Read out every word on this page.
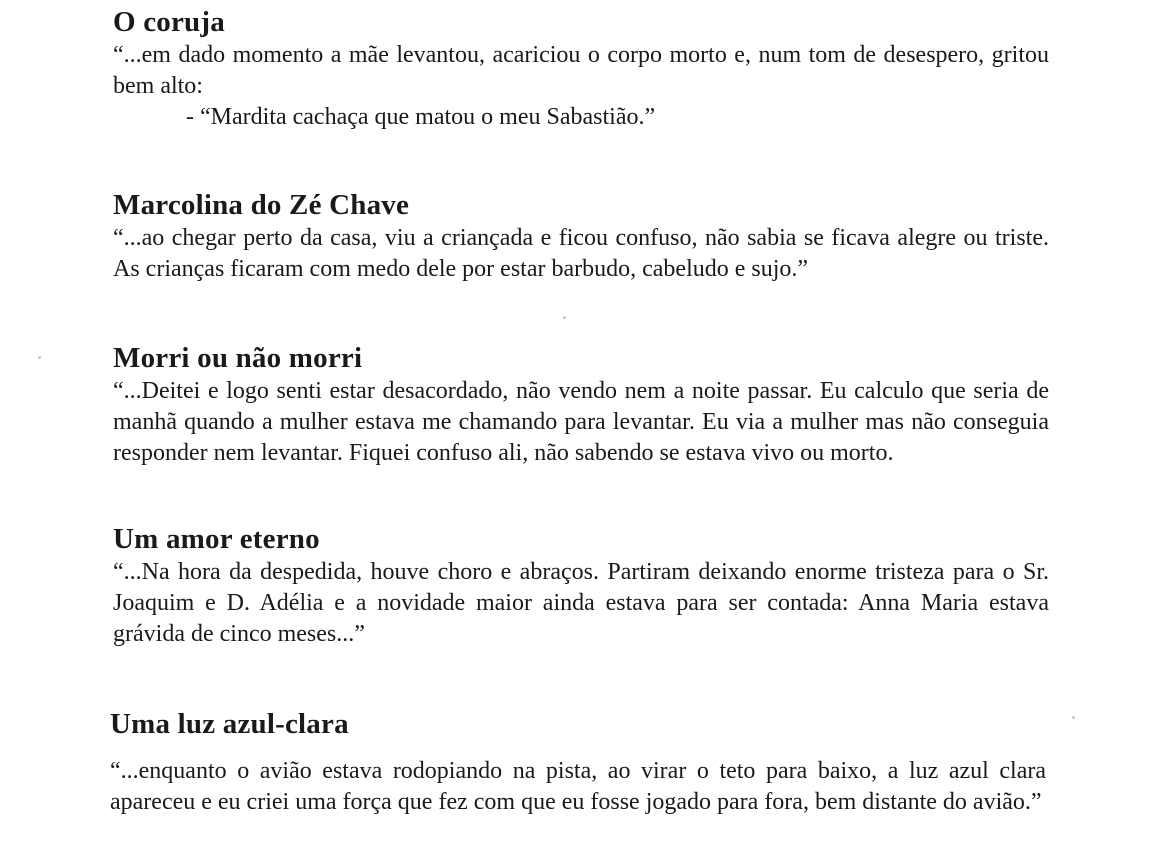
O coruja

“...em dado momento a mãe levantou, acariciou o corpo morto e, num tom de desespero, gritou bem alto:

- “Mardita cachaça que matou o meu Sabastião.”

Marcolina do Zé Chave

“...ao chegar perto da casa, viu a criançada e ficou confuso, não sabia se ficava alegre ou triste. As crianças ficaram com medo dele por estar barbudo, cabeludo e sujo.”

Morri ou não morri

“...Deitei e logo senti estar desacordado, não vendo nem a noite passar. Eu calculo que seria de manhã quando a mulher estava me chamando para levantar. Eu via a mulher mas não conseguia responder nem levantar. Fiquei confuso ali, não sabendo se estava vivo ou morto.

Um amor eterno

“...Na hora da despedida, houve choro e abraços. Partiram deixando enorme tristeza para o Sr. Joaquim e D. Adélia e a novidade maior ainda estava para ser contada: Anna Maria estava grávida de cinco meses...”

Uma luz azul-clara

“...enquanto o avião estava rodopiando na pista, ao virar o teto para baixo, a luz azul clara apareceu e eu criei uma força que fez com que eu fosse jogado para fora, bem distante do avião.”
